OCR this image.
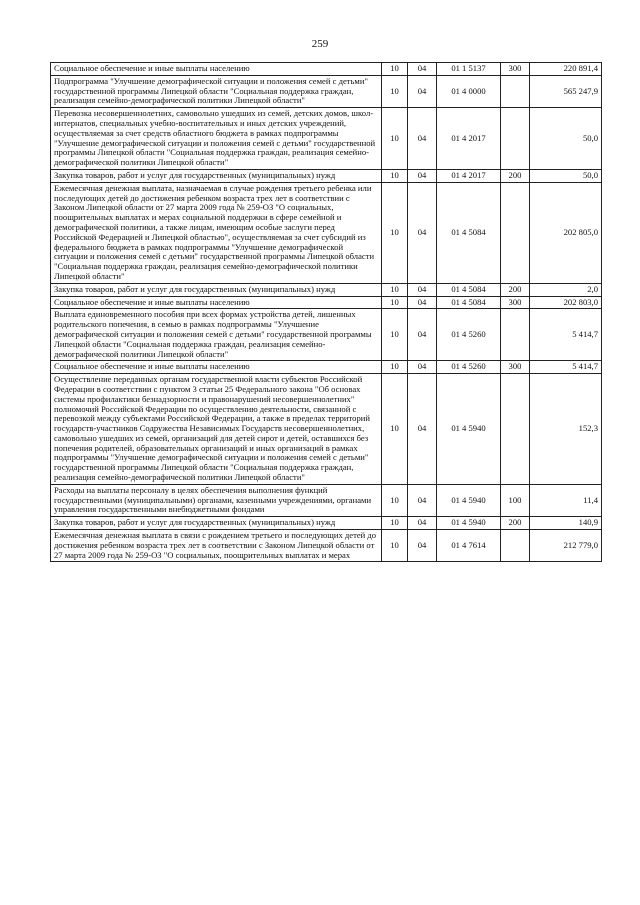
259
Социальное обеспечение и иные выплаты населению	10	04	01 1 5137	300	220 891,4
Подпрограмма "Улучшение демографической ситуации и положения семей с детьми" государственной программы Липецкой области "Социальная поддержка граждан, реализация семейно-демографической политики Липецкой области"	10	04	01 4 0000		565 247,9
Перевозка несовершеннолетних, самовольно ушедших из семей, детских домов, школ-интернатов, специальных учебно-воспитательных и иных детских учреждений, осуществляемая за счет средств областного бюджета в рамках подпрограммы "Улучшение демографической ситуации и положения семей с детьми" государственной программы Липецкой области "Социальная поддержка граждан, реализация семейно-демографической политики Липецкой области"	10	04	01 4 2017		50,0
Закупка товаров, работ и услуг для государственных (муниципальных) нужд	10	04	01 4 2017	200	50,0
Ежемесячная денежная выплата, назначаемая в случае рождения третьего ребенка или последующих детей до достижения ребенком возраста трех лет в соответствии с Законом Липецкой области от 27 марта 2009 года № 259-ОЗ "О социальных, поощрительных выплатах и мерах социальной поддержки в сфере семейной и демографической политики, а также лицам, имеющим особые заслуги перед Российской Федерацией и Липецкой областью", осуществляемая за счет субсидий из федерального бюджета в рамках подпрограммы "Улучшение демографической ситуации и положения семей с детьми" государственной программы Липецкой области "Социальная поддержка граждан, реализация семейно-демографической политики Липецкой области"	10	04	01 4 5084		202 805,0
Закупка товаров, работ и услуг для государственных (муниципальных) нужд	10	04	01 4 5084	200	2,0
Социальное обеспечение и иные выплаты населению	10	04	01 4 5084	300	202 803,0
Выплата единовременного пособия при всех формах устройства детей, лишенных родительского попечения, в семью в рамках подпрограммы "Улучшение демографической ситуации и положения семей с детьми" государственной программы Липецкой области "Социальная поддержка граждан, реализация семейно-демографической политики Липецкой области"	10	04	01 4 5260		5 414,7
Социальное обеспечение и иные выплаты населению	10	04	01 4 5260	300	5 414,7
Осуществление переданных органам государственной власти субъектов Российской Федерации в соответствии с пунктом 3 статьи 25 Федерального закона "Об основах системы профилактики безнадзорности и правонарушений несовершеннолетних" полномочий Российской Федерации по осуществлению деятельности, связанной с перевозкой между субъектами Российской Федерации, а также в пределах территорий государств-участников Содружества Независимых Государств несовершеннолетних, самовольно ушедших из семей, организаций для детей сирот и детей, оставшихся без попечения родителей, образовательных организаций и иных организаций в рамках подпрограммы "Улучшение демографической ситуации и положения семей с детьми" государственной программы Липецкой области "Социальная поддержка граждан, реализация семейно-демографической политики Липецкой области"	10	04	01 4 5940		152,3
Расходы на выплаты персоналу в целях обеспечения выполнения функций государственными (муниципальными) органами, казенными учреждениями, органами управления государственными внебюджетными фондами	10	04	01 4 5940	100	11,4
Закупка товаров, работ и услуг для государственных (муниципальных) нужд	10	04	01 4 5940	200	140,9
Ежемесячная денежная выплата в связи с рождением третьего и последующих детей до достижения ребенком возраста трех лет в соответствии с Законом Липецкой области от 27 марта 2009 года № 259-ОЗ "О социальных, поощрительных выплатах и мерах	10	04	01 4 7614		212 779,0
